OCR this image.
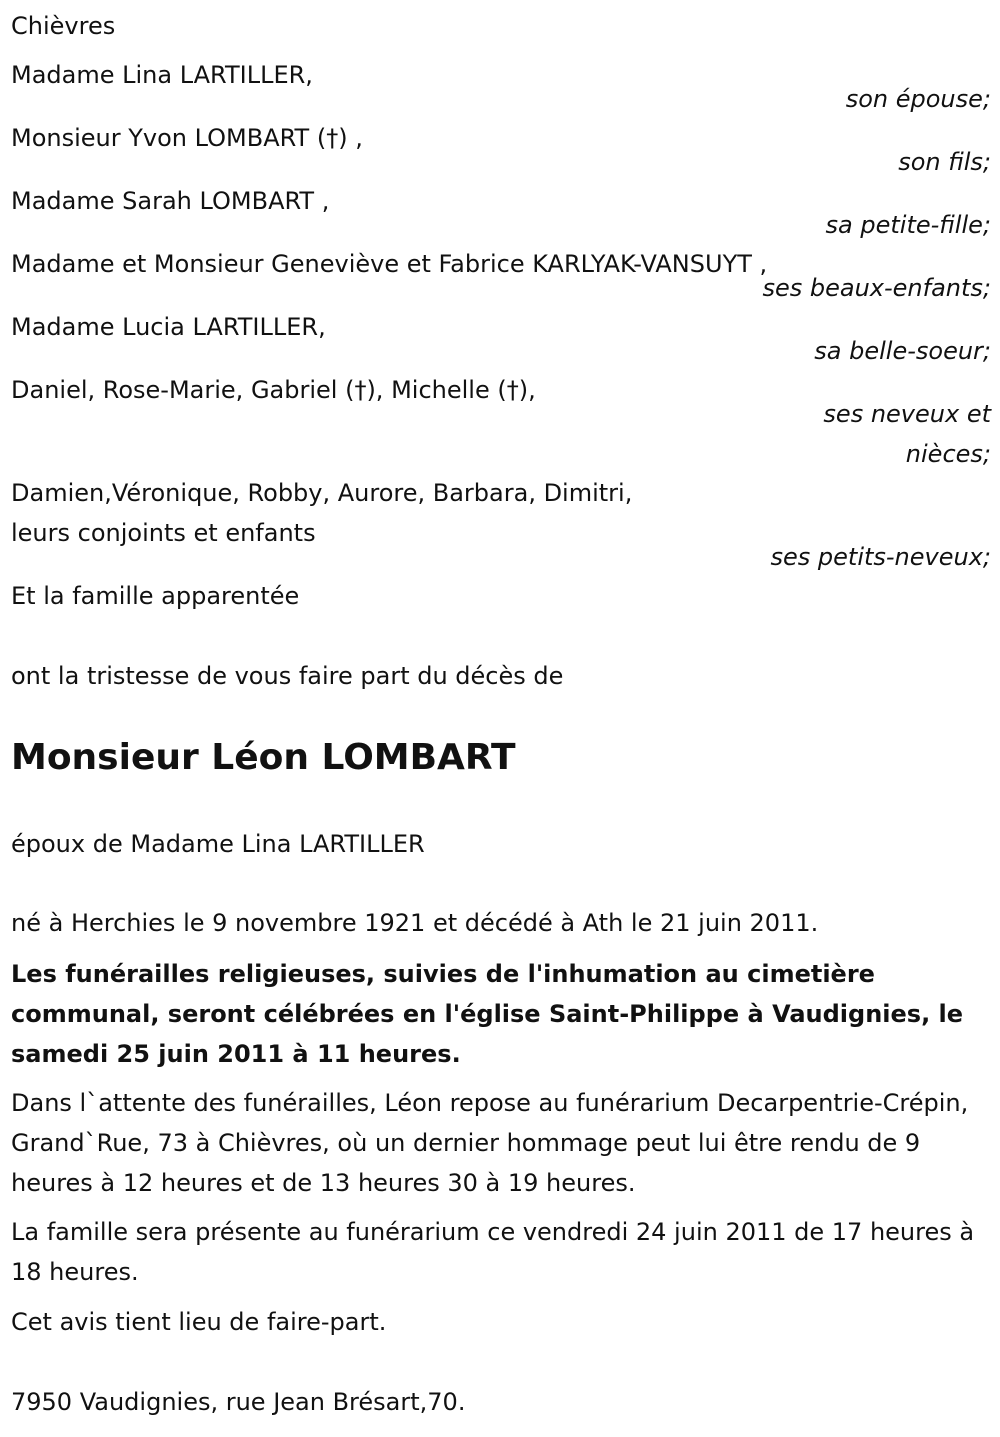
Chièvres
Madame Lina LARTILLER,
son épouse;
Monsieur Yvon LOMBART (†) ,
son fils;
Madame Sarah LOMBART ,
sa petite-fille;
Madame et Monsieur Geneviève et Fabrice KARLYAK-VANSUYT ,
ses beaux-enfants;
Madame Lucia LARTILLER,
sa belle-soeur;
Daniel, Rose-Marie, Gabriel (†), Michelle (†),
ses neveux et
nièces;
Damien,Véronique, Robby, Aurore, Barbara, Dimitri,
leurs conjoints et enfants
ses petits-neveux;
Et la famille apparentée
ont la tristesse de vous faire part du décès de
Monsieur Léon LOMBART
époux de Madame Lina LARTILLER
né à Herchies le 9 novembre 1921 et décédé à Ath le 21 juin 2011.
Les funérailles religieuses, suivies de l'inhumation au cimetière communal, seront célébrées en l'église Saint-Philippe à Vaudignies, le samedi 25 juin 2011 à 11 heures.
Dans l`attente des funérailles, Léon repose au funérarium Decarpentrie-Crépin, Grand`Rue, 73 à Chièvres, où un dernier hommage peut lui être rendu de 9 heures à 12 heures et de 13 heures 30 à 19 heures.
La famille sera présente au funérarium ce vendredi 24 juin 2011 de 17 heures à 18 heures.
Cet avis tient lieu de faire-part.
7950 Vaudignies, rue Jean Brésart,70.
